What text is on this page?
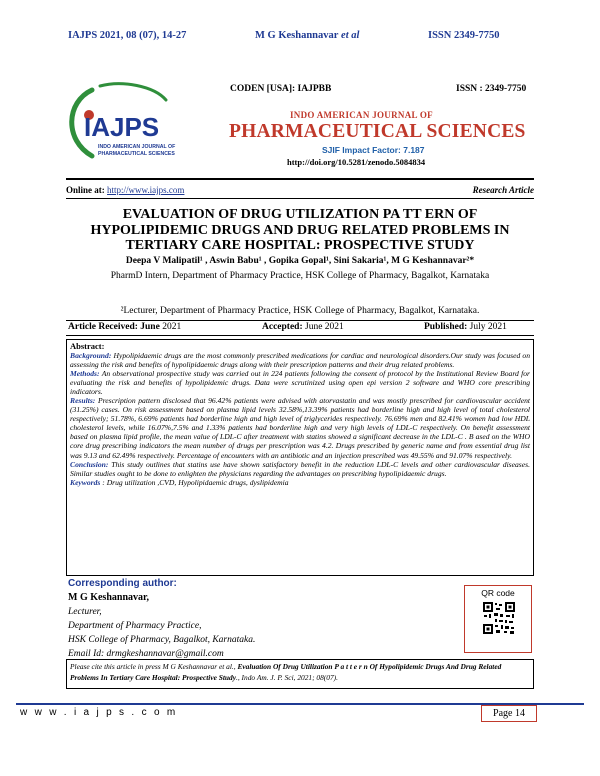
IAJPS 2021, 08 (07), 14-27	M G Keshannavar et al	ISSN 2349-7750
IAJPS
INDO AMERICAN JOURNAL OF
PHARMACEUTICAL SCIENCES
CODEN [USA]: IAJPBB	ISSN : 2349-7750
INDO AMERICAN JOURNAL OF
PHARMACEUTICAL SCIENCES
SJIF Impact Factor: 7.187
http://doi.org/10.5281/zenodo.5084834
Online at: http://www.iajps.com	Research Article
EVALUATION OF DRUG UTILIZATION PA TT ERN OF HYPOLIPIDEMIC DRUGS AND DRUG RELATED PROBLEMS IN TERTIARY CARE HOSPITAL: PROSPECTIVE STUDY
Deepa V Malipatil¹ , Aswin Babu¹ , Gopika Gopal¹, Sini Sakaria¹, M G Keshannavar²*
PharmD Intern, Department of Pharmacy Practice, HSK College of Pharmacy, Bagalkot, Karnataka
²Lecturer, Department of Pharmacy Practice, HSK College of Pharmacy, Bagalkot, Karnataka.
Article Received: June 2021	Accepted: June 2021	Published: July 2021
Abstract:

Background: Hypolipidaemic drugs are the most commonly prescribed medications for cardiac and neurological disorders.Our study was focused on assessing the risk and benefits of hypolipidaemic drugs along with their prescription patterns and their drug related problems.

Methods: An observational prospective study was carried out in 224 patients following the consent of protocol by the Institutional Review Board for evaluating the risk and benefits of hypolipidemic drugs. Data were scrutinized using open epi version 2 software and WHO core prescribing indicators.

Results: Prescription pattern disclosed that 96.42% patients were advised with atorvastatin and was mostly prescribed for cardiovascular accident (31.25%) cases. On risk assessment based on plasma lipid levels 32.58%,13.39% patients had borderline high and high level of total cholesterol respectively; 51.78%, 6.69% patients had borderline high and high level of triglycerides respectively. 76.69% men and 82.41% women had low HDL cholesterol levels, while 16.07%,7.5% and 1.33% patients had borderline high and very high levels of LDL-C respectively. On benefit assessment based on plasma lipid profile, the mean value of LDL-C after treatment with statins showed a significant decrease in the LDL-C . B ased on the WHO core drug prescribing indicators the mean number of drugs per prescription was 4.2. Drugs prescribed by generic name and from essential drug list was 9.13 and 62.49% respectively. Percentage of encounters with an antibiotic and an injection prescribed was 49.55% and 91.07% respectively.

Conclusion: This study outlines that statins use have shown satisfactory benefit in the reduction LDL-C levels and other cardiovascular diseases. Similar studies ought to be done to enlighten the physicians regarding the advantages on prescribing hypolipidaemic drugs.

Keywords : Drug utilization ,CVD, Hypolipidaemic drugs, dyslipidemia

Corresponding author:
M G Keshannavar,
Lecturer,
Department of Pharmacy Practice,
HSK College of Pharmacy, Bagalkot, Karnataka.
Email Id: drmgkeshannavar@gmail.com
QR code
Please cite this article in press M G Keshannavar et al., Evaluation Of Drug Utilization P a t t e r n Of Hypolipidemic Drugs And Drug Related Problems In Tertiary Care Hospital: Prospective Study., Indo Am. J. P. Sci, 2021; 08(07).
w w w . i a j p s . c o m	Page 14
